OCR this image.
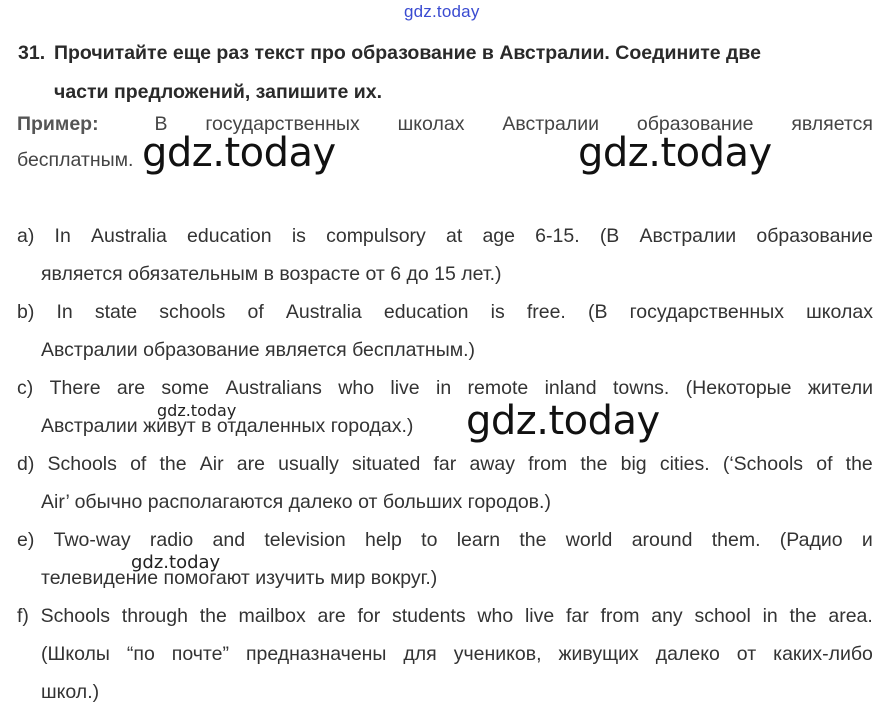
gdz.today
31. Прочитайте еще раз текст про образование в Австралии. Соедините две
части предложений, запишите их.
Пример:	В государственных школах Австралии образование является
бесплатным. gdz.today	gdz.today
a) In Australia education is compulsory at age 6-15. (В Австралии образование
является обязательным в возрасте от 6 до 15 лет.)
b) In state schools of Australia education is free. (В государственных школах
Австралии образование является бесплатным.)
c) There are some Australians who live in remote inland towns. (Некоторые жители
Австралии живут в отдаленных городах.)
gdz.today	gdz.today
d) Schools of the Air are usually situated far away from the big cities. (‘Schools of the
Air’ обычно располагаются далеко от больших городов.)
e) Two-way radio and television help to learn the world around them. (Радио и
телевидение помогают изучить мир вокруг.)
gdz.today
f) Schools through the mailbox are for students who live far from any school in the area.
(Школы “по почте” предназначены для учеников, живущих далеко от каких-либо
школ.)
